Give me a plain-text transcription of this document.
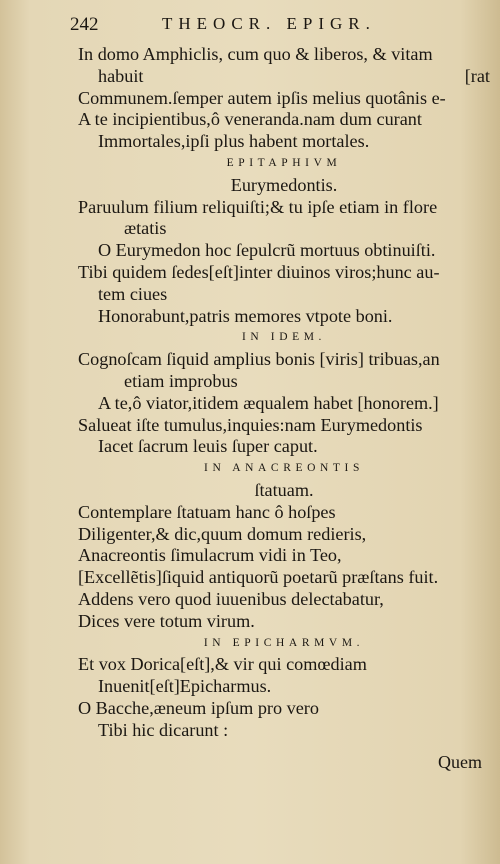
242	THEOCR. EPIGR.
In domo Amphiclis, cum quo & liberos, & vitam
habuit	[rat
Communem.ſemper autem ipſis melius quotânis e-
A te incipientibus,ô veneranda.nam dum curant
Immortales,ipſi plus habent mortales.
EPITAPHIVM
Eurymedontis.
Paruulum filium reliquiſti;& tu ipſe etiam in flore
ætatis
O Eurymedon hoc ſepulcrũ mortuus obtinuiſti.
Tibi quidem ſedes[eſt]inter diuinos viros;hunc au-
tem ciues
Honorabunt,patris memores vtpote boni.
IN IDEM.
Cognoſcam ſiquid amplius bonis [viris] tribuas,an
etiam improbus
A te,ô viator,itidem æqualem habet [honorem.]
Salueat iſte tumulus,inquies:nam Eurymedontis
Iacet ſacrum leuis ſuper caput.
IN ANACREONTIS
ſtatuam.
Contemplare ſtatuam hanc ô hoſpes
Diligenter,& dic,quum domum redieris,
Anacreontis ſimulacrum vidi in Teo,
[Excellẽtis]ſiquid antiquorũ poetarũ præſtans fuit.
Addens vero quod iuuenibus delectabatur,
Dices vere totum virum.
IN EPICHARMVM.
Et vox Dorica[eſt],& vir qui comœdiam
Inuenit[eſt]Epicharmus.
O Bacche,æneum ipſum pro vero
Tibi hic dicarunt :
Quem
